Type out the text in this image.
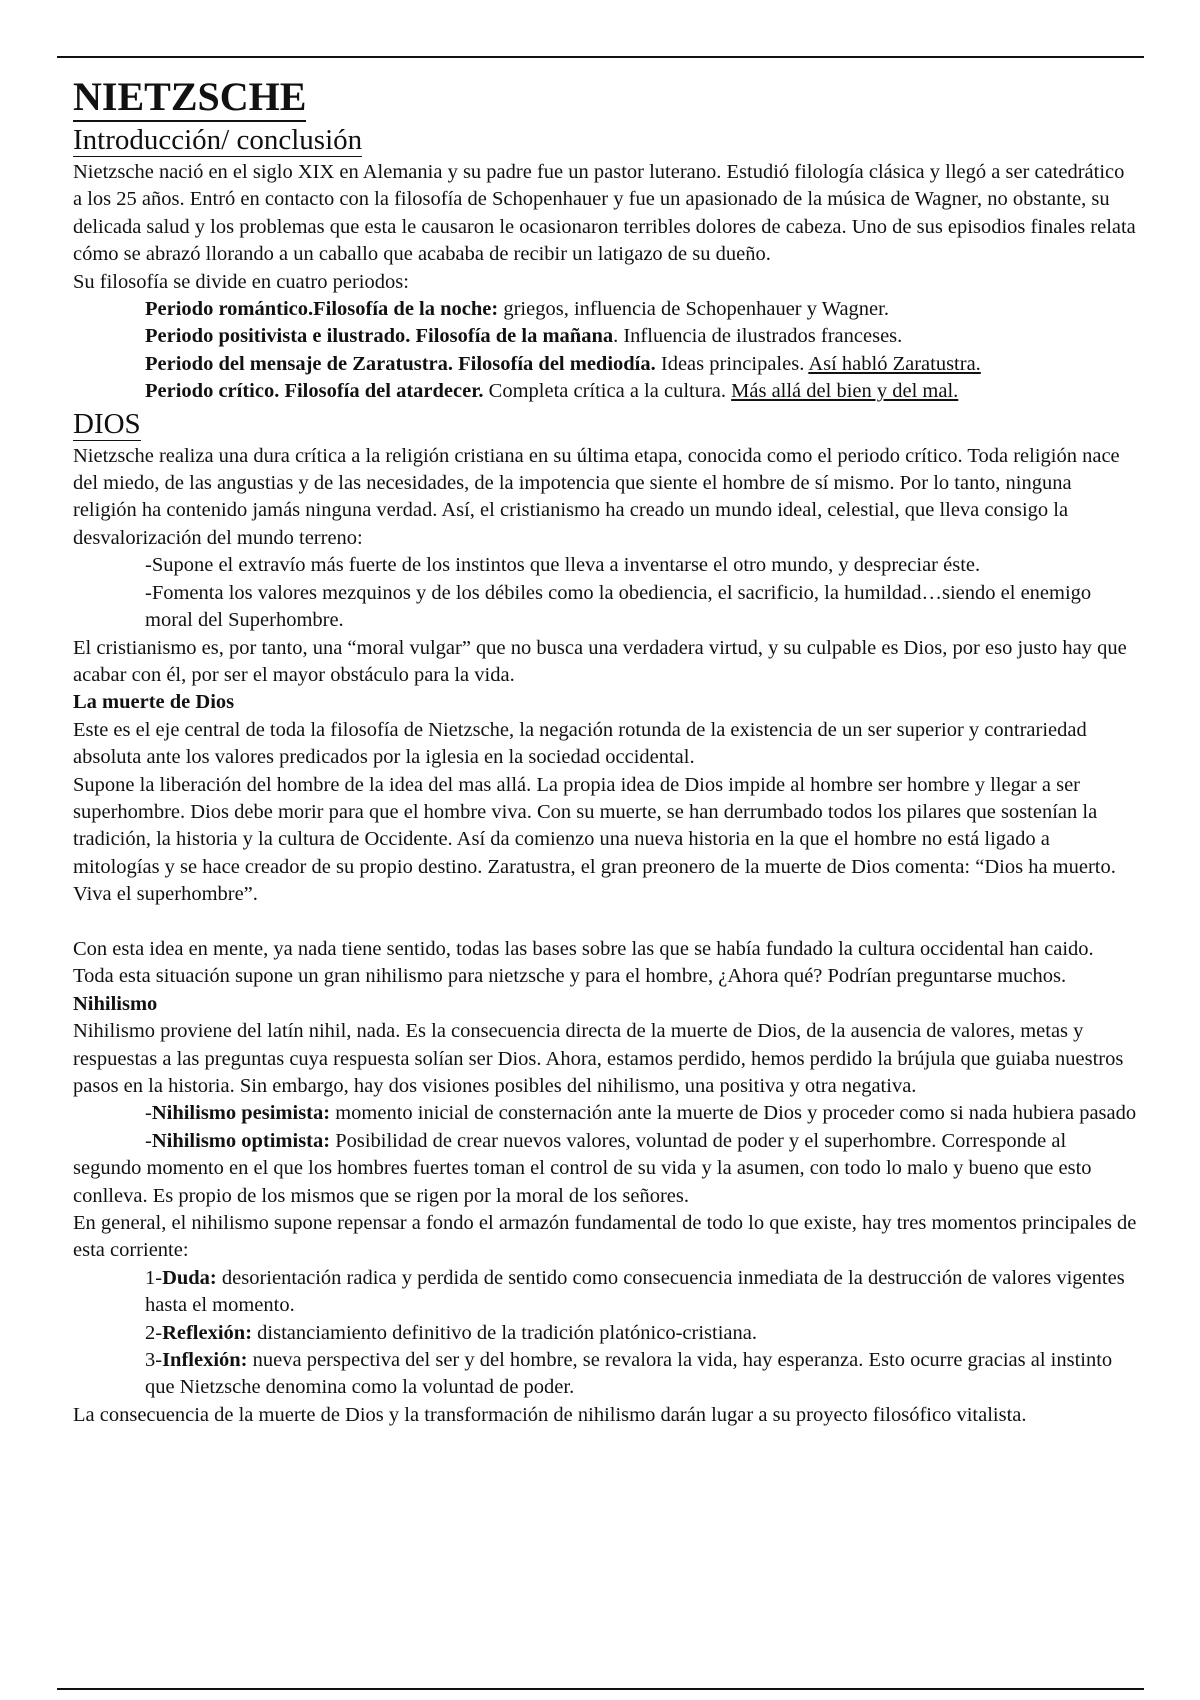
NIETZSCHE
Introducción/ conclusión

Nietzsche nació en el siglo XIX en Alemania y su padre fue un pastor luterano. Estudió filología clásica y llegó a ser catedrático a los 25 años. Entró en contacto con la filosofía de Schopenhauer y fue un apasionado de la música de Wagner, no obstante, su delicada salud y los problemas que esta le causaron le ocasionaron terribles dolores de cabeza. Uno de sus episodios finales relata cómo se abrazó llorando a un caballo que acababa de recibir un latigazo de su dueño.

Su filosofía se divide en cuatro periodos:

Periodo romántico.Filosofía de la noche: griegos, influencia de Schopenhauer y Wagner.

Periodo positivista e ilustrado. Filosofía de la mañana. Influencia de ilustrados franceses.

Periodo del mensaje de Zaratustra. Filosofía del mediodía. Ideas principales. Así habló Zaratustra.

Periodo crítico. Filosofía del atardecer. Completa crítica a la cultura. Más allá del bien y del mal.

DIOS

Nietzsche realiza una dura crítica a la religión cristiana en su última etapa, conocida como el periodo crítico. Toda religión nace del miedo, de las angustias y de las necesidades, de la impotencia que siente el hombre de sí mismo. Por lo tanto, ninguna religión ha contenido jamás ninguna verdad. Así, el cristianismo ha creado un mundo ideal, celestial, que lleva consigo la desvalorización del mundo terreno:

-Supone el extravío más fuerte de los instintos que lleva a inventarse el otro mundo, y despreciar éste.

-Fomenta los valores mezquinos y de los débiles como la obediencia, el sacrificio, la humildad…siendo el enemigo moral del Superhombre.

El cristianismo es, por tanto, una “moral vulgar” que no busca una verdadera virtud, y su culpable es Dios, por eso justo hay que acabar con él, por ser el mayor obstáculo para la vida.

La muerte de Dios

Este es el eje central de toda la filosofía de Nietzsche, la negación rotunda de la existencia de un ser superior y contrariedad absoluta ante los valores predicados por la iglesia en la sociedad occidental.

Supone la liberación del hombre de la idea del mas allá. La propia idea de Dios impide al hombre ser hombre y llegar a ser superhombre. Dios debe morir para que el hombre viva. Con su muerte, se han derrumbado todos los pilares que sostenían la tradición, la historia y la cultura de Occidente. Así da comienzo una nueva historia en la que el hombre no está ligado a mitologías y se hace creador de su propio destino. Zaratustra, el gran preonero de la muerte de Dios comenta: “Dios ha muerto. Viva el superhombre”.

Con esta idea en mente, ya nada tiene sentido, todas las bases sobre las que se había fundado la cultura occidental han caido. Toda esta situación supone un gran nihilismo para nietzsche y para el hombre, ¿Ahora qué? Podrían preguntarse muchos.

Nihilismo

Nihilismo proviene del latín nihil, nada. Es la consecuencia directa de la muerte de Dios, de la ausencia de valores, metas y respuestas a las preguntas cuya respuesta solían ser Dios. Ahora, estamos perdido, hemos perdido la brújula que guiaba nuestros pasos en la historia. Sin embargo, hay dos visiones posibles del nihilismo, una positiva y otra negativa.

-Nihilismo pesimista: momento inicial de consternación ante la muerte de Dios y proceder como si nada hubiera pasado

-Nihilismo optimista: Posibilidad de crear nuevos valores, voluntad de poder y el superhombre. Corresponde al segundo momento en el que los hombres fuertes toman el control de su vida y la asumen, con todo lo malo y bueno que esto conlleva. Es propio de los mismos que se rigen por la moral de los señores.

En general, el nihilismo supone repensar a fondo el armazón fundamental de todo lo que existe, hay tres momentos principales de esta corriente:

1-Duda: desorientación radica y perdida de sentido como consecuencia inmediata de la destrucción de valores vigentes hasta el momento.

2-Reflexión: distanciamiento definitivo de la tradición platónico-cristiana.

3-Inflexión: nueva perspectiva del ser y del hombre, se revalora la vida, hay esperanza. Esto ocurre gracias al instinto que Nietzsche denomina como la voluntad de poder.

La consecuencia de la muerte de Dios y la transformación de nihilismo darán lugar a su proyecto filosófico vitalista.
